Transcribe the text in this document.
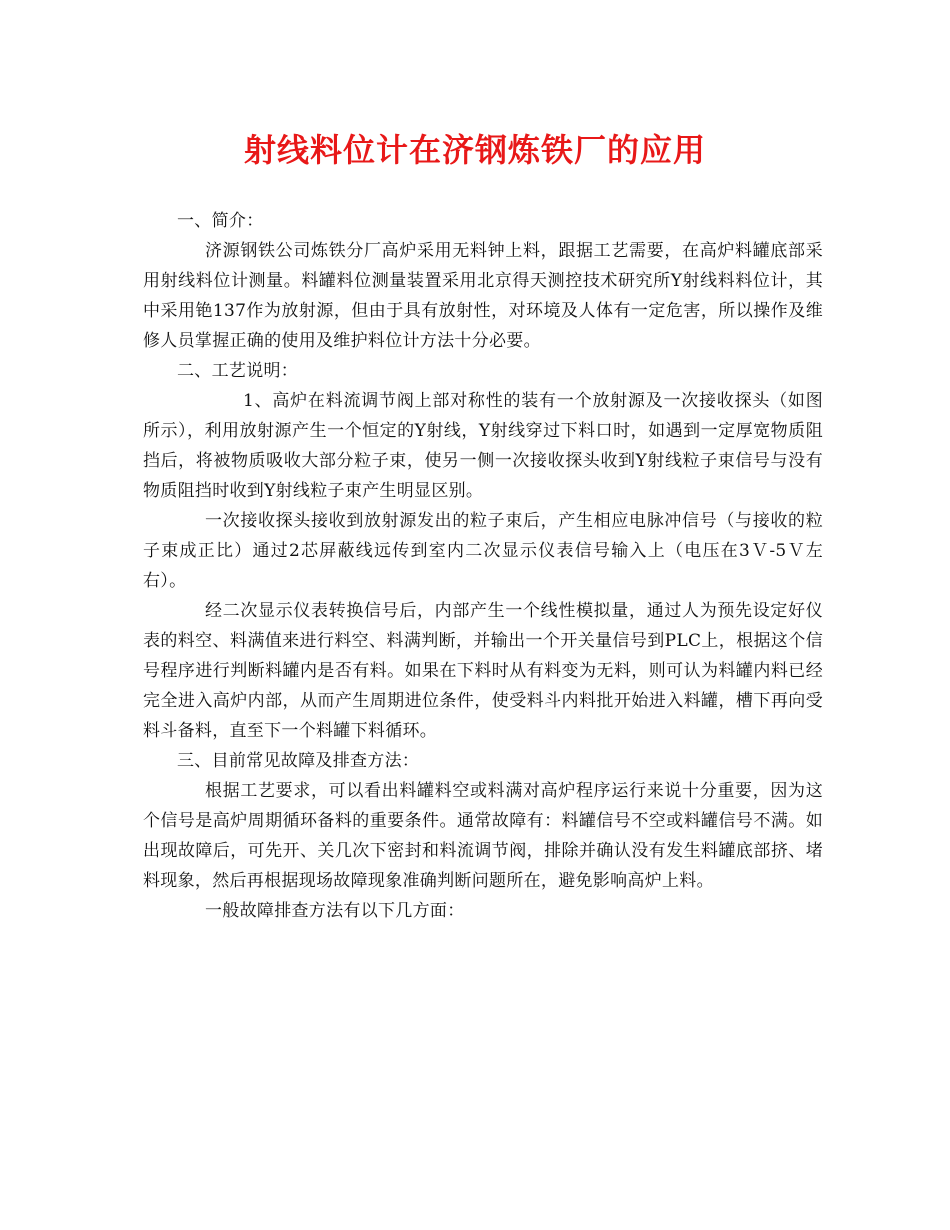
射线料位计在济钢炼铁厂的应用

一、简介：

济源钢铁公司炼铁分厂高炉采用无料钟上料，跟据工艺需要，在高炉料罐底部采用射线料位计测量。料罐料位测量装置采用北京得天测控技术研究所Y射线料料位计，其中采用铯137作为放射源，但由于具有放射性，对环境及人体有一定危害，所以操作及维修人员掌握正确的使用及维护料位计方法十分必要。

二、工艺说明：

1、高炉在料流调节阀上部对称性的装有一个放射源及一次接收探头（如图所示），利用放射源产生一个恒定的Y射线，Y射线穿过下料口时，如遇到一定厚宽物质阻挡后，将被物质吸收大部分粒子束，使另一侧一次接收探头收到Y射线粒子束信号与没有物质阻挡时收到Y射线粒子束产生明显区别。

一次接收探头接收到放射源发出的粒子束后，产生相应电脉冲信号（与接收的粒子束成正比）通过2芯屏蔽线远传到室内二次显示仪表信号输入上（电压在3Ｖ-5Ｖ左右）。

经二次显示仪表转换信号后，内部产生一个线性模拟量，通过人为预先设定好仪表的料空、料满值来进行料空、料满判断，并输出一个开关量信号到PLC上，根据这个信号程序进行判断料罐内是否有料。如果在下料时从有料变为无料，则可认为料罐内料已经完全进入高炉内部，从而产生周期进位条件，使受料斗内料批开始进入料罐，槽下再向受料斗备料，直至下一个料罐下料循环。

三、目前常见故障及排查方法：

根据工艺要求，可以看出料罐料空或料满对高炉程序运行来说十分重要，因为这个信号是高炉周期循环备料的重要条件。通常故障有：料罐信号不空或料罐信号不满。如出现故障后，可先开、关几次下密封和料流调节阀，排除并确认没有发生料罐底部挤、堵料现象，然后再根据现场故障现象准确判断问题所在，避免影响高炉上料。

一般故障排查方法有以下几方面：
